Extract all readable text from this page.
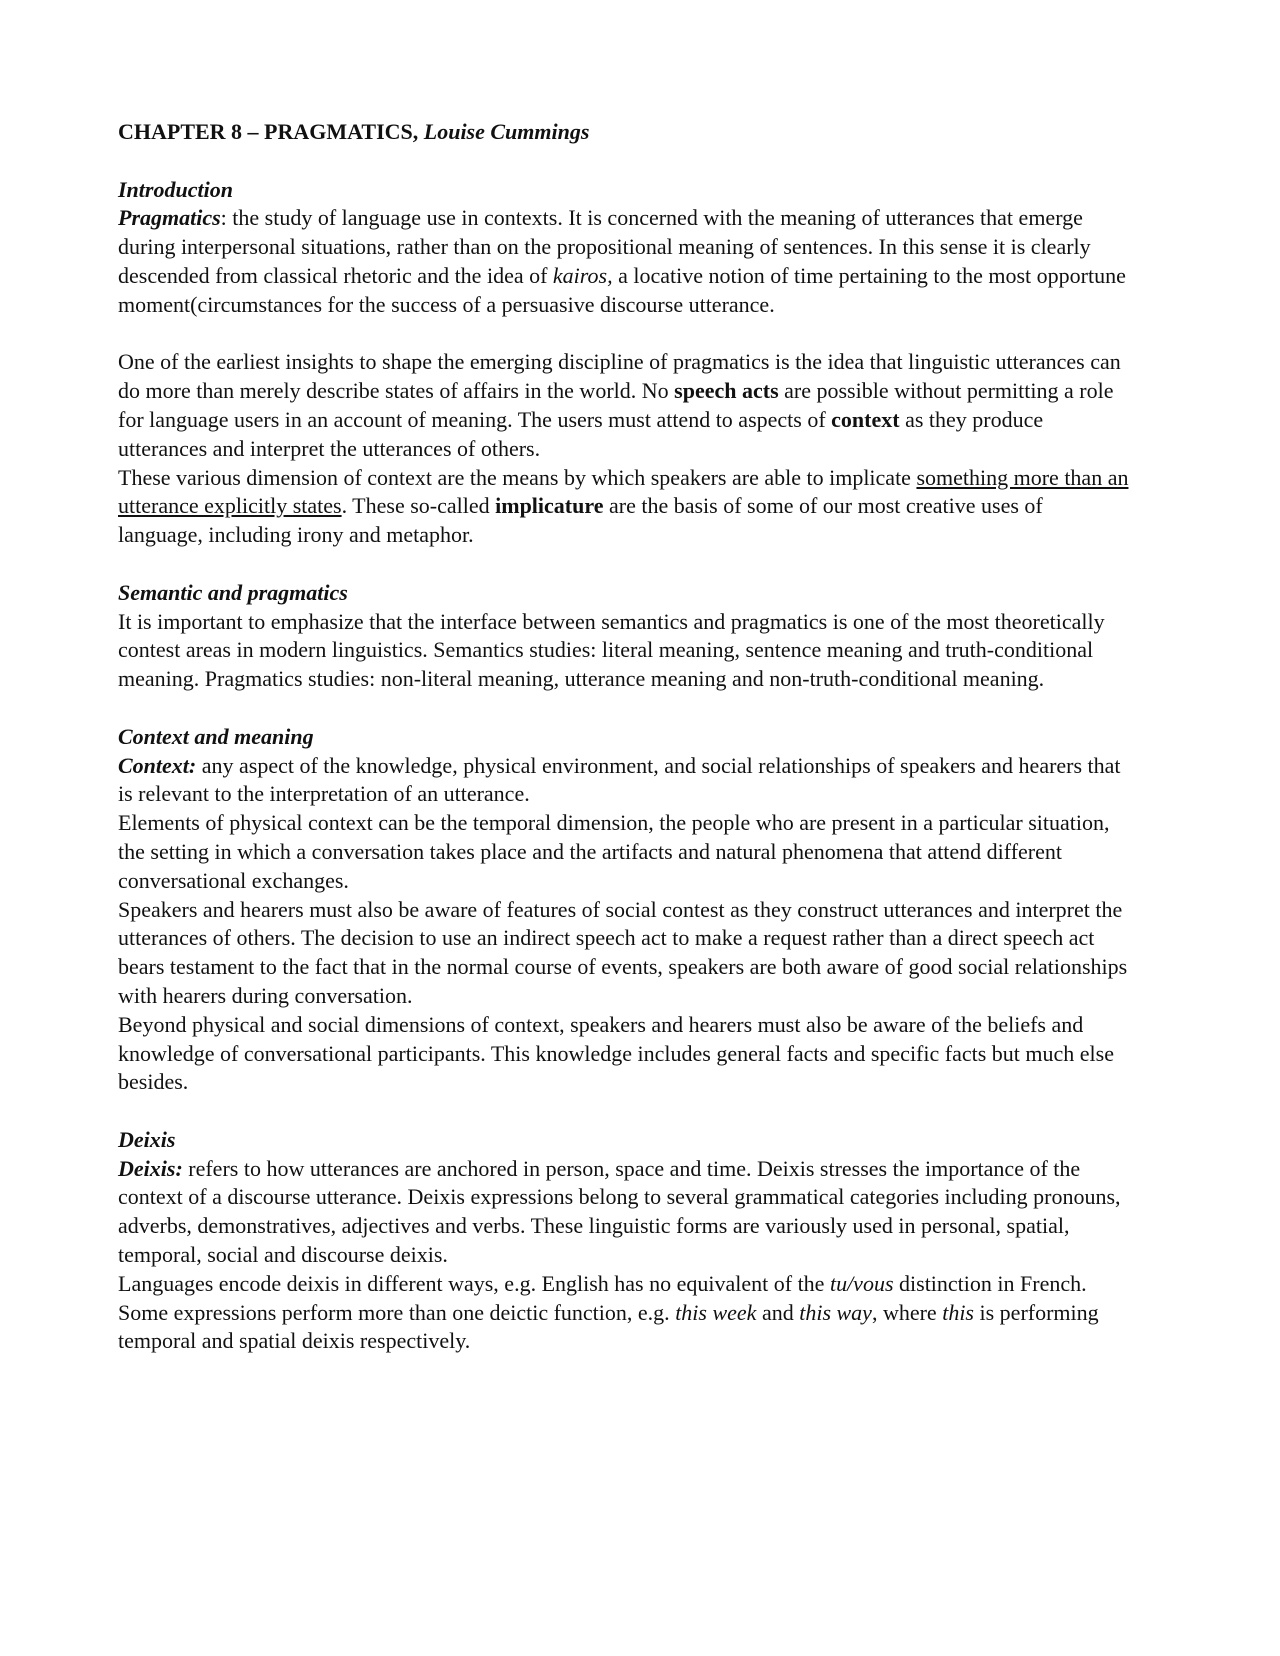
CHAPTER 8 – PRAGMATICS, Louise Cummings

Introduction

Pragmatics: the study of language use in contexts. It is concerned with the meaning of utterances that emerge during interpersonal situations, rather than on the propositional meaning of sentences. In this sense it is clearly descended from classical rhetoric and the idea of kairos, a locative notion of time pertaining to the most opportune moment(circumstances for the success of a persuasive discourse utterance.

One of the earliest insights to shape the emerging discipline of pragmatics is the idea that linguistic utterances can do more than merely describe states of affairs in the world. No speech acts are possible without permitting a role for language users in an account of meaning. The users must attend to aspects of context as they produce utterances and interpret the utterances of others.

These various dimension of context are the means by which speakers are able to implicate something more than an utterance explicitly states. These so-called implicature are the basis of some of our most creative uses of language, including irony and metaphor.

Semantic and pragmatics

It is important to emphasize that the interface between semantics and pragmatics is one of the most theoretically contest areas in modern linguistics. Semantics studies: literal meaning, sentence meaning and truth-conditional meaning. Pragmatics studies: non-literal meaning, utterance meaning and non-truth-conditional meaning.

Context and meaning

Context: any aspect of the knowledge, physical environment, and social relationships of speakers and hearers that is relevant to the interpretation of an utterance.

Elements of physical context can be the temporal dimension, the people who are present in a particular situation, the setting in which a conversation takes place and the artifacts and natural phenomena that attend different conversational exchanges.

Speakers and hearers must also be aware of features of social contest as they construct utterances and interpret the utterances of others. The decision to use an indirect speech act to make a request rather than a direct speech act bears testament to the fact that in the normal course of events, speakers are both aware of good social relationships with hearers during conversation.

Beyond physical and social dimensions of context, speakers and hearers must also be aware of the beliefs and knowledge of conversational participants. This knowledge includes general facts and specific facts but much else besides.

Deixis

Deixis: refers to how utterances are anchored in person, space and time. Deixis stresses the importance of the context of a discourse utterance. Deixis expressions belong to several grammatical categories including pronouns, adverbs, demonstratives, adjectives and verbs. These linguistic forms are variously used in personal, spatial, temporal, social and discourse deixis.

Languages encode deixis in different ways, e.g. English has no equivalent of the tu/vous distinction in French. Some expressions perform more than one deictic function, e.g. this week and this way, where this is performing temporal and spatial deixis respectively.
